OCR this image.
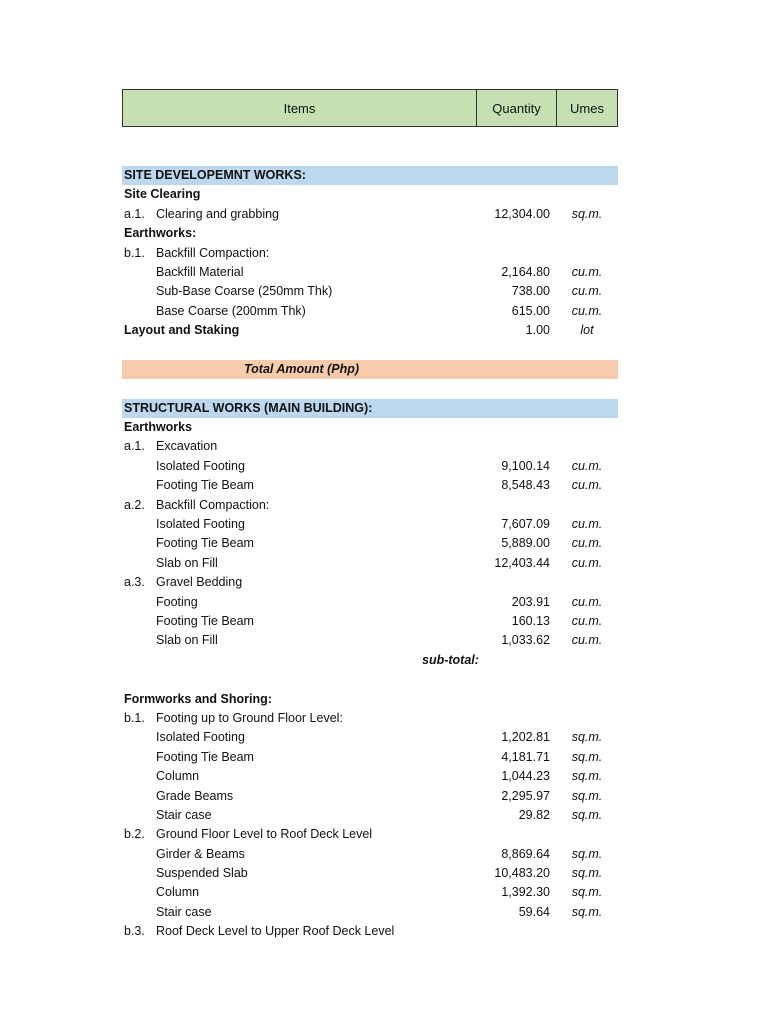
Items	Quantity	Umes
SITE DEVELOPEMNT WORKS:
Site Clearing
a.1. Clearing and grabbing	12,304.00	sq.m.
Earthworks:
b.1. Backfill Compaction:
Backfill Material	2,164.80	cu.m.
Sub-Base Coarse (250mm Thk)	738.00	cu.m.
Base Coarse (200mm Thk)	615.00	cu.m.
Layout and Staking	1.00	lot
Total Amount (Php)
STRUCTURAL WORKS (MAIN BUILDING):
Earthworks
a.1. Excavation
Isolated Footing	9,100.14	cu.m.
Footing Tie Beam	8,548.43	cu.m.
a.2. Backfill Compaction:
Isolated Footing	7,607.09	cu.m.
Footing Tie Beam	5,889.00	cu.m.
Slab on Fill	12,403.44	cu.m.
a.3. Gravel Bedding
Footing	203.91	cu.m.
Footing Tie Beam	160.13	cu.m.
Slab on Fill	1,033.62	cu.m.
sub-total:
Formworks and Shoring:
b.1. Footing up to Ground Floor Level:
Isolated Footing	1,202.81	sq.m.
Footing Tie Beam	4,181.71	sq.m.
Column	1,044.23	sq.m.
Grade Beams	2,295.97	sq.m.
Stair case	29.82	sq.m.
b.2. Ground Floor Level to Roof Deck Level
Girder & Beams	8,869.64	sq.m.
Suspended Slab	10,483.20	sq.m.
Column	1,392.30	sq.m.
Stair case	59.64	sq.m.
b.3. Roof Deck Level to Upper Roof Deck Level
